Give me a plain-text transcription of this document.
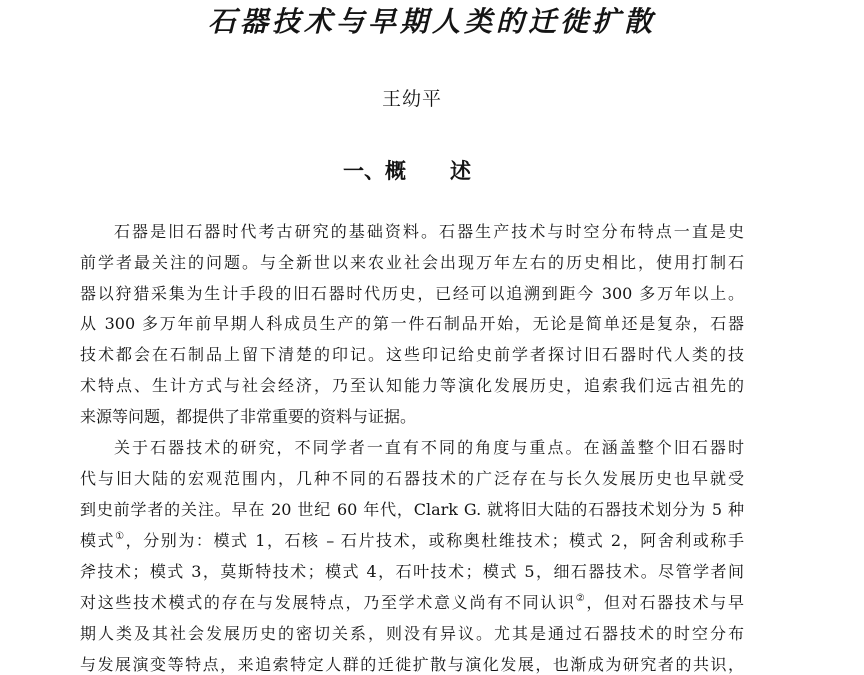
石器技术与早期人类的迁徙扩散
王幼平
一、概 述
石器是旧石器时代考古研究的基础资料。石器生产技术与时空分布特点一直是史
前学者最关注的问题。与全新世以来农业社会出现万年左右的历史相比，使用打制石
器以狩猎采集为生计手段的旧石器时代历史，已经可以追溯到距今 300 多万年以上。
从 300 多万年前早期人科成员生产的第一件石制品开始，无论是简单还是复杂，石器
技术都会在石制品上留下清楚的印记。这些印记给史前学者探讨旧石器时代人类的技
术特点、生计方式与社会经济，乃至认知能力等演化发展历史，追索我们远古祖先的
来源等问题，都提供了非常重要的资料与证据。
关于石器技术的研究，不同学者一直有不同的角度与重点。在涵盖整个旧石器时
代与旧大陆的宏观范围内，几种不同的石器技术的广泛存在与长久发展历史也早就受
到史前学者的关注。早在 20 世纪 60 年代，Clark G. 就将旧大陆的石器技术划分为 5 种
模式①，分别为：模式 1，石核 – 石片技术，或称奥杜维技术；模式 2，阿舍利或称手
斧技术；模式 3，莫斯特技术；模式 4，石叶技术；模式 5，细石器技术。尽管学者间
对这些技术模式的存在与发展特点，乃至学术意义尚有不同认识②，但对石器技术与早
期人类及其社会发展历史的密切关系，则没有异议。尤其是通过石器技术的时空分布
与发展演变等特点，来追索特定人群的迁徙扩散与演化发展，也渐成为研究者的共识，
